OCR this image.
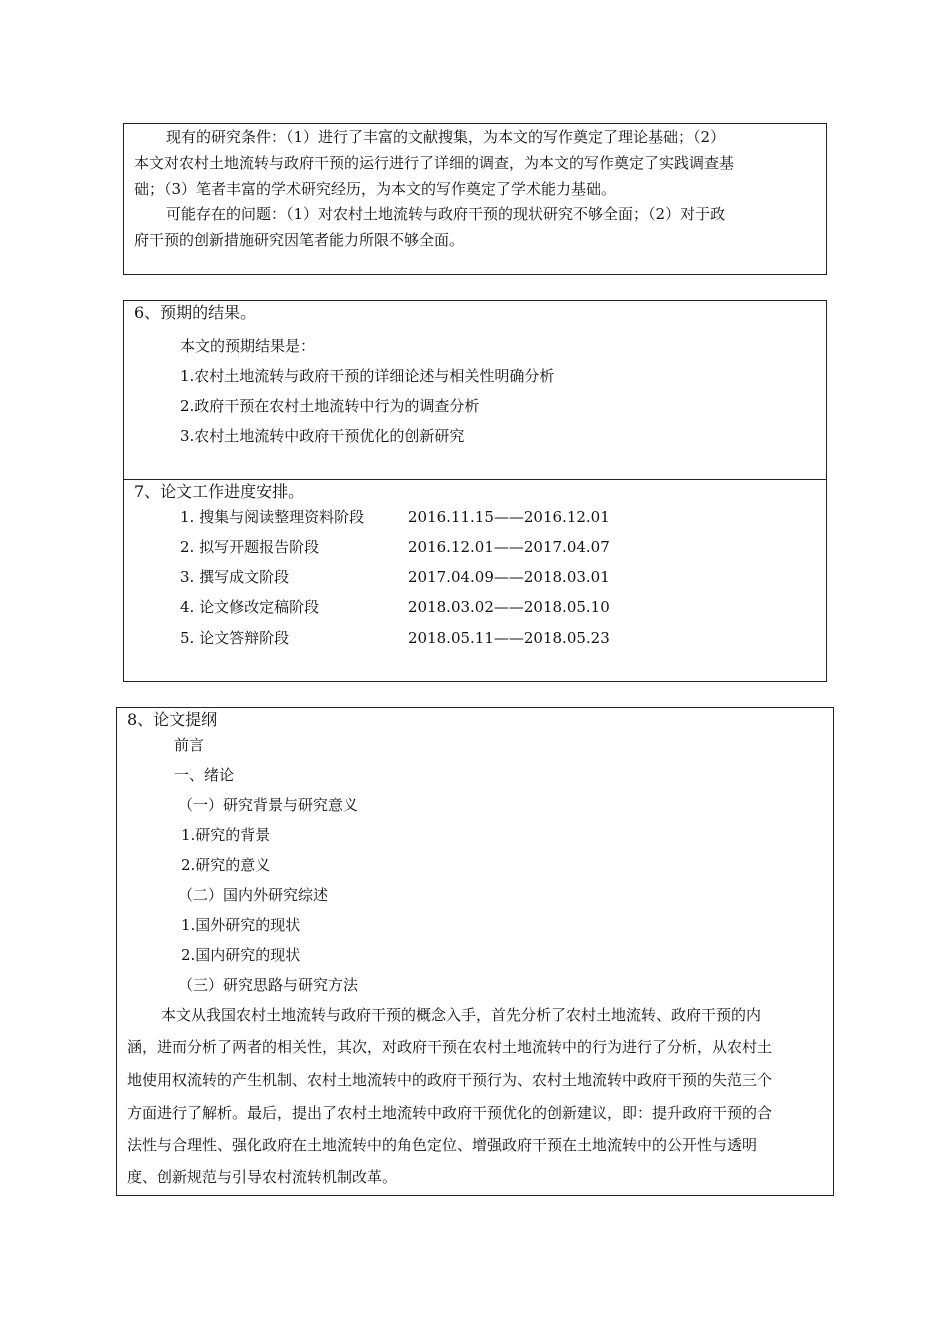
现有的研究条件：（1）进行了丰富的文献搜集，为本文的写作奠定了理论基础；（2）
本文对农村土地流转与政府干预的运行进行了详细的调查，为本文的写作奠定了实践调查基
础；（3）笔者丰富的学术研究经历，为本文的写作奠定了学术能力基础。
可能存在的问题：（1）对农村土地流转与政府干预的现状研究不够全面；（2）对于政
府干预的创新措施研究因笔者能力所限不够全面。
6、预期的结果。
本文的预期结果是：
1.农村土地流转与政府干预的详细论述与相关性明确分析
2.政府干预在农村土地流转中行为的调查分析
3.农村土地流转中政府干预优化的创新研究
7、论文工作进度安排。
1. 搜集与阅读整理资料阶段	2016.11.15——2016.12.01
2. 拟写开题报告阶段	2016.12.01——2017.04.07
3. 撰写成文阶段	2017.04.09——2018.03.01
4. 论文修改定稿阶段	2018.03.02——2018.05.10
5. 论文答辩阶段	2018.05.11——2018.05.23
8、论文提纲
前言
一、绪论
（一）研究背景与研究意义
1.研究的背景
2.研究的意义
（二）国内外研究综述
1.国外研究的现状
2.国内研究的现状
（三）研究思路与研究方法
本文从我国农村土地流转与政府干预的概念入手，首先分析了农村土地流转、政府干预的内
涵，进而分析了两者的相关性，其次，对政府干预在农村土地流转中的行为进行了分析，从农村土
地使用权流转的产生机制、农村土地流转中的政府干预行为、农村土地流转中政府干预的失范三个
方面进行了解析。最后，提出了农村土地流转中政府干预优化的创新建议，即：提升政府干预的合
法性与合理性、强化政府在土地流转中的角色定位、增强政府干预在土地流转中的公开性与透明
度、创新规范与引导农村流转机制改革。
